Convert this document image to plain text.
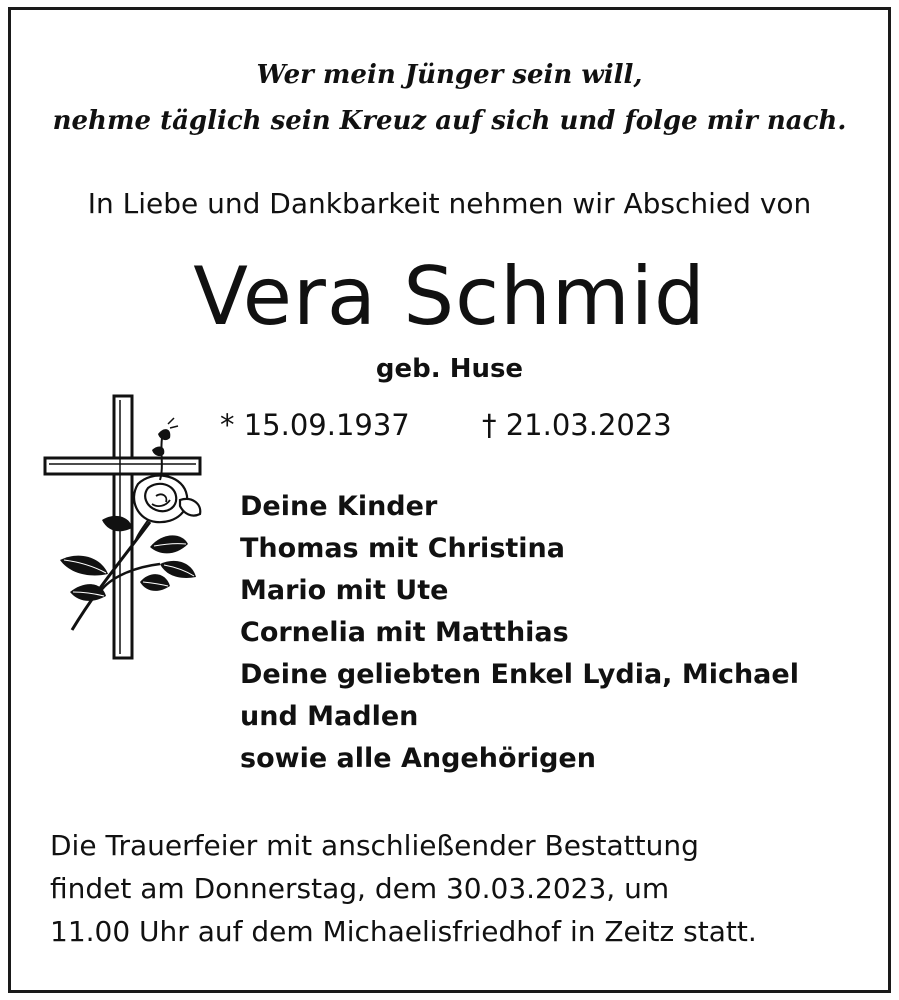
Wer mein Jünger sein will,
nehme täglich sein Kreuz auf sich und folge mir nach.
In Liebe und Dankbarkeit nehmen wir Abschied von
Vera Schmid
geb. Huse
* 15.09.1937 † 21.03.2023
Deine Kinder
Thomas mit Christina
Mario mit Ute
Cornelia mit Matthias
Deine geliebten Enkel Lydia, Michael
und Madlen
sowie alle Angehörigen
Die Trauerfeier mit anschließender Bestattung
findet am Donnerstag, dem 30.03.2023, um
11.00 Uhr auf dem Michaelisfriedhof in Zeitz statt.
